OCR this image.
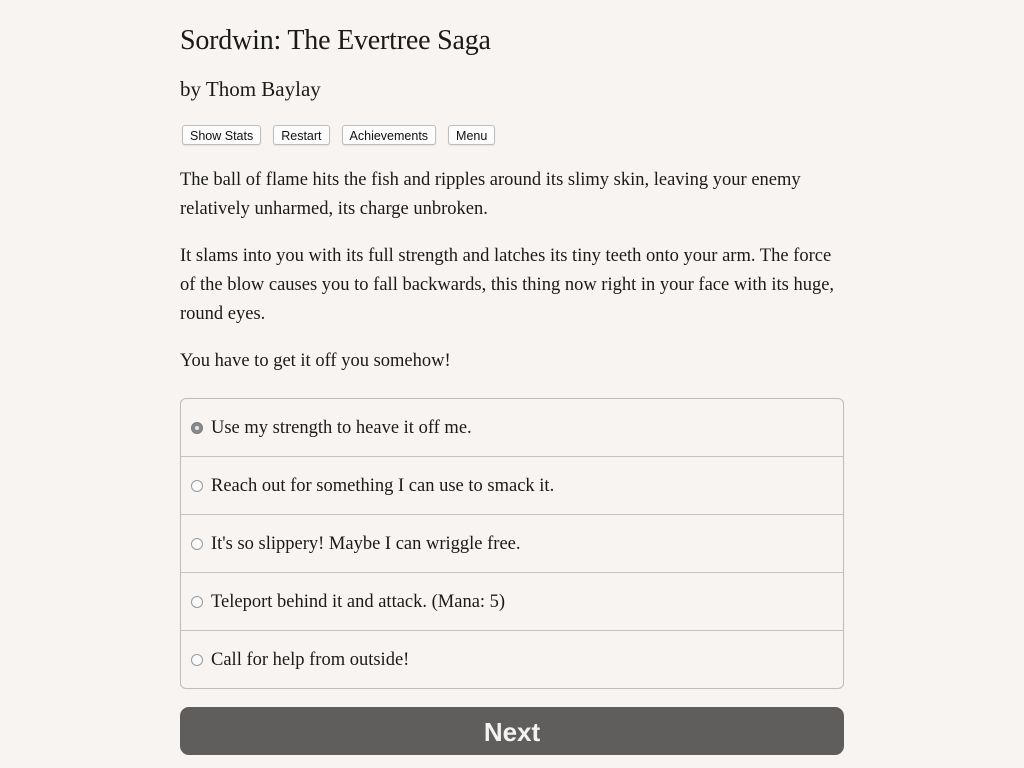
Sordwin: The Evertree Saga
by Thom Baylay
Show Stats	Restart	Achievements	Menu

The ball of flame hits the fish and ripples around its slimy skin, leaving your enemy relatively unharmed, its charge unbroken.

It slams into you with its full strength and latches its tiny teeth onto your arm. The force of the blow causes you to fall backwards, this thing now right in your face with its huge, round eyes.

You have to get it off you somehow!

Use my strength to heave it off me.
Reach out for something I can use to smack it.
It's so slippery! Maybe I can wriggle free.
Teleport behind it and attack. (Mana: 5)
Call for help from outside!
Next
